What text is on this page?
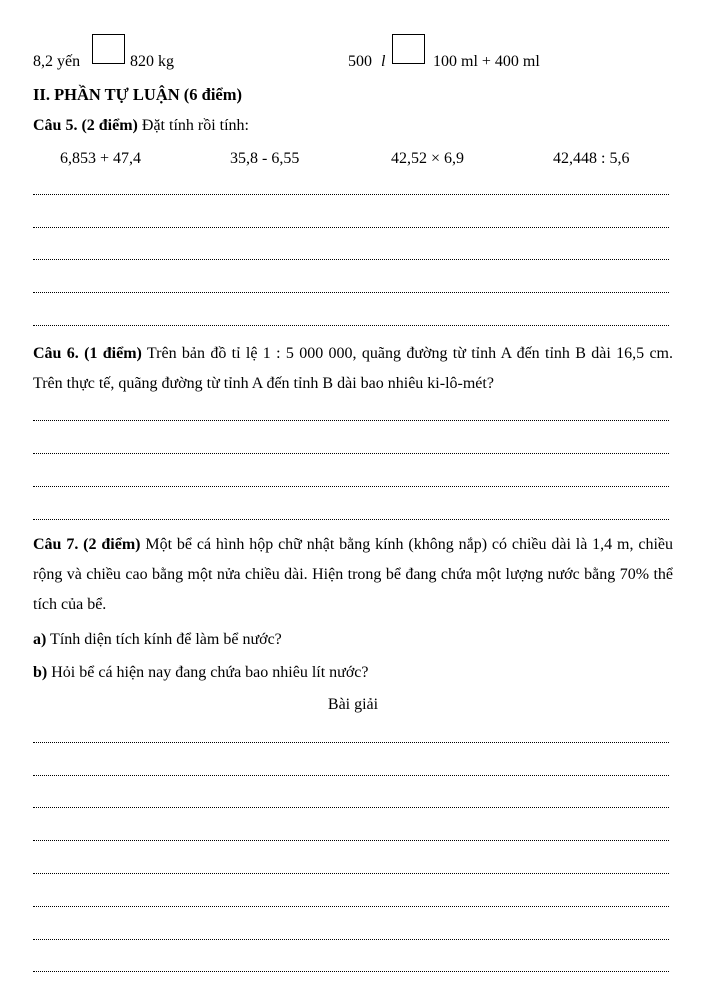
8,2 yến	820 kg	500 l	100 ml + 400 ml
II. PHẦN TỰ LUẬN (6 điểm)
Câu 5. (2 điểm) Đặt tính rồi tính:
6,853 + 47,4	35,8 - 6,55	42,52 × 6,9	42,448 : 5,6
Câu 6. (1 điểm) Trên bản đồ tỉ lệ 1 : 5 000 000, quãng đường từ tỉnh A đến tỉnh B dài 16,5 cm. Trên thực tế, quãng đường từ tỉnh A đến tỉnh B dài bao nhiêu ki-lô-mét?
Câu 7. (2 điểm) Một bể cá hình hộp chữ nhật bằng kính (không nắp) có chiều dài là 1,4 m, chiều rộng và chiều cao bằng một nửa chiều dài. Hiện trong bể đang chứa một lượng nước bằng 70% thể tích của bể.
a) Tính diện tích kính để làm bể nước?
b) Hỏi bể cá hiện nay đang chứa bao nhiêu lít nước?
Bài giải
